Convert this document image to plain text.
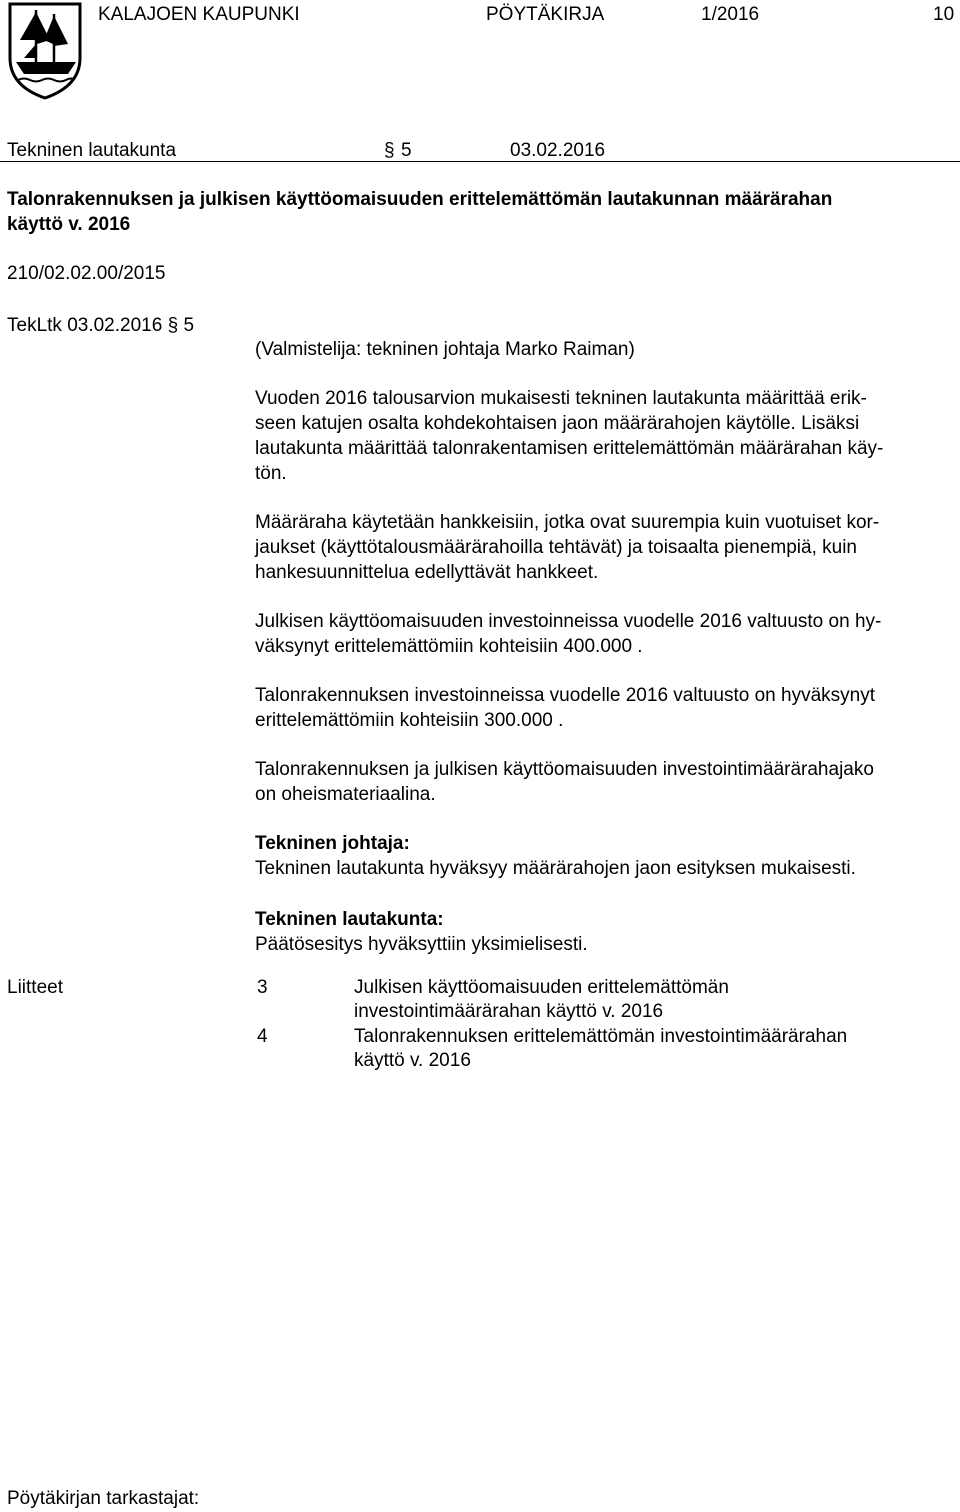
KALAJOEN KAUPUNKI	PÖYTÄKIRJA	1/2016	10
Tekninen lautakunta	§ 5	03.02.2016
Talonrakennuksen ja julkisen käyttöomaisuuden erittelemättömän lautakunnan määrärahan
käyttö v. 2016
210/02.02.00/2015
TekLtk 03.02.2016 § 5

(Valmistelija: tekninen johtaja Marko Raiman)

Vuoden 2016 talousarvion mukaisesti tekninen lautakunta määrittää erik-

seen katujen osalta kohdekohtaisen jaon määrärahojen käytölle. Lisäksi

lautakunta määrittää talonrakentamisen erittelemättömän määrärahan käy-

tön.

Määräraha käytetään hankkeisiin, jotka ovat suurempia kuin vuotuiset kor-

jaukset (käyttötalousmäärärahoilla tehtävät) ja toisaalta pienempiä, kuin

hankesuunnittelua edellyttävät hankkeet.

Julkisen käyttöomaisuuden investoinneissa vuodelle 2016 valtuusto on hy-

väksynyt erittelemättömiin kohteisiin 400.000 .

Talonrakennuksen investoinneissa vuodelle 2016 valtuusto on hyväksynyt

erittelemättömiin kohteisiin 300.000 .

Talonrakennuksen ja julkisen käyttöomaisuuden investointimäärärahajako

on oheismateriaalina.

Tekninen johtaja:

Tekninen lautakunta hyväksyy määrärahojen jaon esityksen mukaisesti.

Tekninen lautakunta:

Päätösesitys hyväksyttiin yksimielisesti.

Liitteet	3	Julkisen käyttöomaisuuden erittelemättömän
investointimäärärahan käyttö v. 2016
4	Talonrakennuksen erittelemättömän investointimäärärahan
käyttö v. 2016
Pöytäkirjan tarkastajat:
